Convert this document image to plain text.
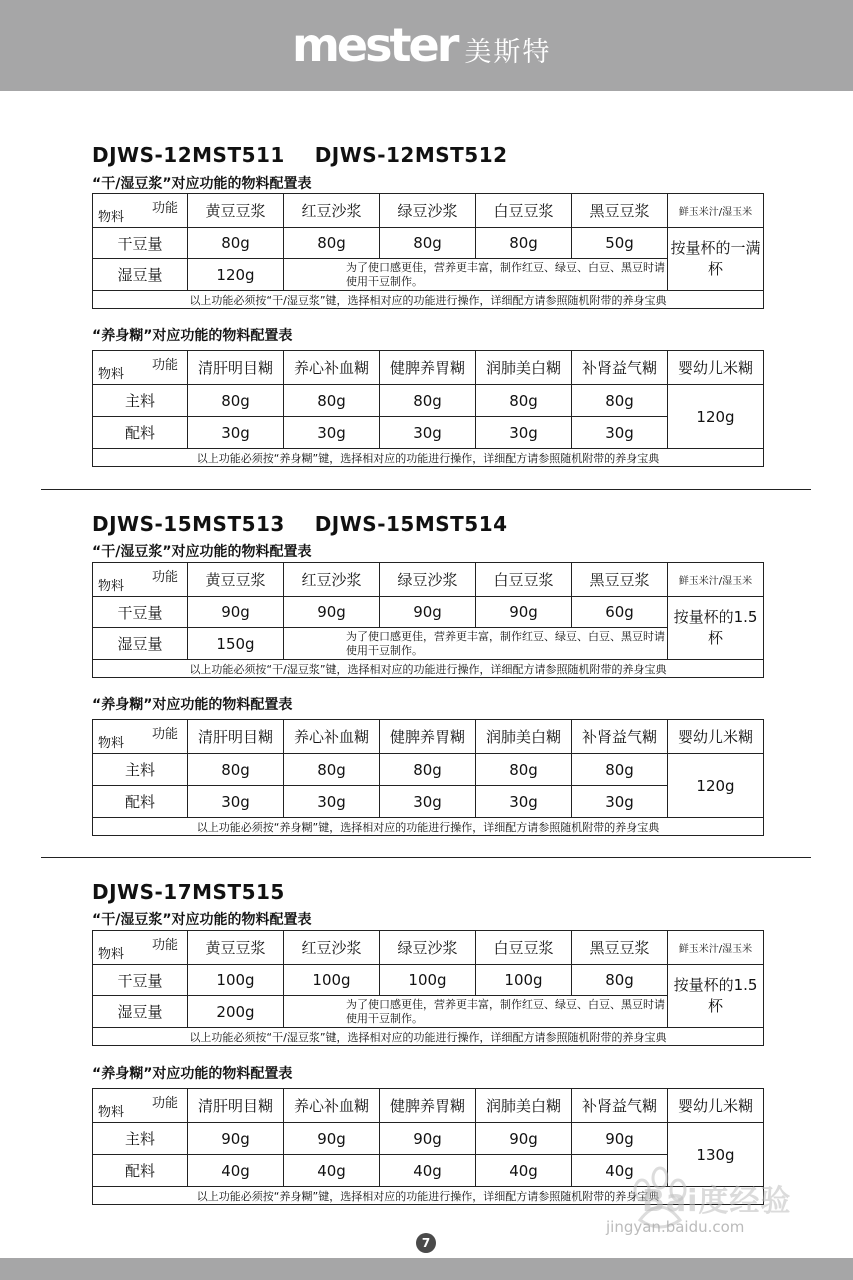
mester 美斯特
DJWS-12MST511    DJWS-12MST512
“干/湿豆浆”对应功能的物料配置表
功能
物料	黄豆豆浆	红豆沙浆	绿豆沙浆	白豆豆浆	黑豆豆浆	鲜玉米汁/湿玉米
干豆量	80g	80g	80g	80g	50g	按量杯的一满杯
湿豆量	120g	为了使口感更佳，营养更丰富，制作红豆、绿豆、白豆、黑豆时请使用干豆制作。				
以上功能必须按“干/湿豆浆”键，选择相对应的功能进行操作，详细配方请参照随机附带的养身宝典						
“养身糊”对应功能的物料配置表
功能
物料	清肝明目糊	养心补血糊	健脾养胃糊	润肺美白糊	补肾益气糊	婴幼儿米糊
主料	80g	80g	80g	80g	80g	120g
配料	30g	30g	30g	30g	30g	
以上功能必须按“养身糊”键，选择相对应的功能进行操作，详细配方请参照随机附带的养身宝典						
DJWS-15MST513    DJWS-15MST514
“干/湿豆浆”对应功能的物料配置表
功能
物料	黄豆豆浆	红豆沙浆	绿豆沙浆	白豆豆浆	黑豆豆浆	鲜玉米汁/湿玉米
干豆量	90g	90g	90g	90g	60g	按量杯的1.5杯
湿豆量	150g	为了使口感更佳，营养更丰富，制作红豆、绿豆、白豆、黑豆时请使用干豆制作。				
以上功能必须按“干/湿豆浆”键，选择相对应的功能进行操作，详细配方请参照随机附带的养身宝典						
“养身糊”对应功能的物料配置表
功能
物料	清肝明目糊	养心补血糊	健脾养胃糊	润肺美白糊	补肾益气糊	婴幼儿米糊
主料	80g	80g	80g	80g	80g	120g
配料	30g	30g	30g	30g	30g	
以上功能必须按“养身糊”键，选择相对应的功能进行操作，详细配方请参照随机附带的养身宝典						
DJWS-17MST515
“干/湿豆浆”对应功能的物料配置表
功能
物料	黄豆豆浆	红豆沙浆	绿豆沙浆	白豆豆浆	黑豆豆浆	鲜玉米汁/湿玉米
干豆量	100g	100g	100g	100g	80g	按量杯的1.5杯
湿豆量	200g	为了使口感更佳，营养更丰富，制作红豆、绿豆、白豆、黑豆时请使用干豆制作。				
以上功能必须按“干/湿豆浆”键，选择相对应的功能进行操作，详细配方请参照随机附带的养身宝典						
“养身糊”对应功能的物料配置表
功能
物料	清肝明目糊	养心补血糊	健脾养胃糊	润肺美白糊	补肾益气糊	婴幼儿米糊
主料	90g	90g	90g	90g	90g	130g
配料	40g	40g	40g	40g	40g	
以上功能必须按“养身糊”键，选择相对应的功能进行操作，详细配方请参照随机附带的养身宝典						
7
Bai度经验
jingyan.baidu.com
